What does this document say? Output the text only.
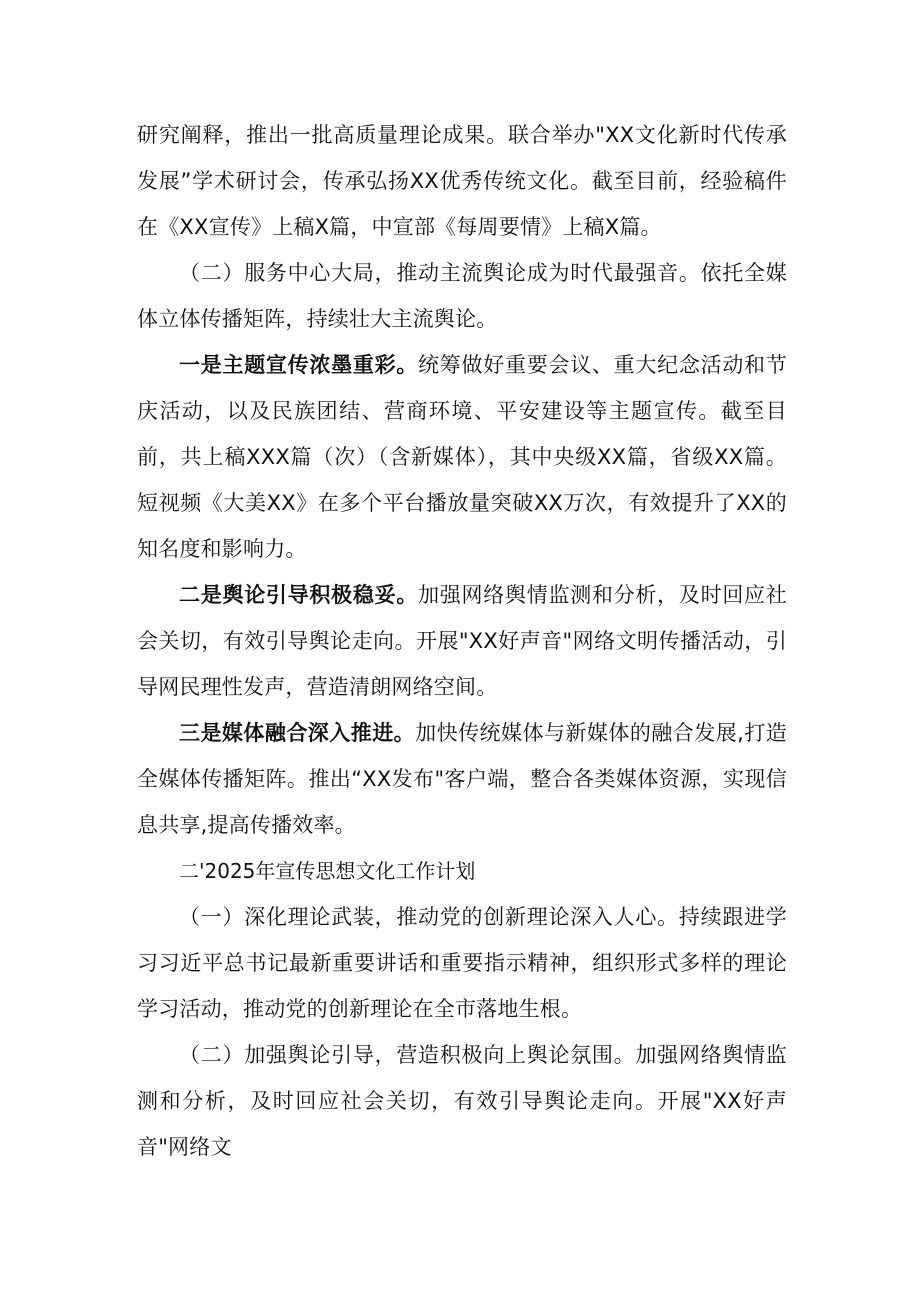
研究阐释，推出一批高质量理论成果。联合举办"XX文化新时代传承发展”学术研讨会，传承弘扬XX优秀传统文化。截至目前，经验稿件在《XX宣传》上稿X篇，中宣部《每周要情》上稿X篇。

（二）服务中心大局，推动主流舆论成为时代最强音。依托全媒体立体传播矩阵，持续壮大主流舆论。

一是主题宣传浓墨重彩。统筹做好重要会议、重大纪念活动和节庆活动，以及民族团结、营商环境、平安建设等主题宣传。截至目前，共上稿XXX篇（次）（含新媒体），其中央级XX篇，省级XX篇。短视频《大美XX》在多个平台播放量突破XX万次，有效提升了XX的知名度和影响力。

二是舆论引导积极稳妥。加强网络舆情监测和分析，及时回应社会关切，有效引导舆论走向。开展"XX好声音"网络文明传播活动，引导网民理性发声，营造清朗网络空间。

三是媒体融合深入推进。加快传统媒体与新媒体的融合发展,打造全媒体传播矩阵。推出“XX发布"客户端，整合各类媒体资源，实现信息共享,提高传播效率。

二'2025年宣传思想文化工作计划

（一）深化理论武装，推动党的创新理论深入人心。持续跟进学习习近平总书记最新重要讲话和重要指示精神，组织形式多样的理论学习活动，推动党的创新理论在全市落地生根。

（二）加强舆论引导，营造积极向上舆论氛围。加强网络舆情监测和分析，及时回应社会关切，有效引导舆论走向。开展"XX好声音"网络文
